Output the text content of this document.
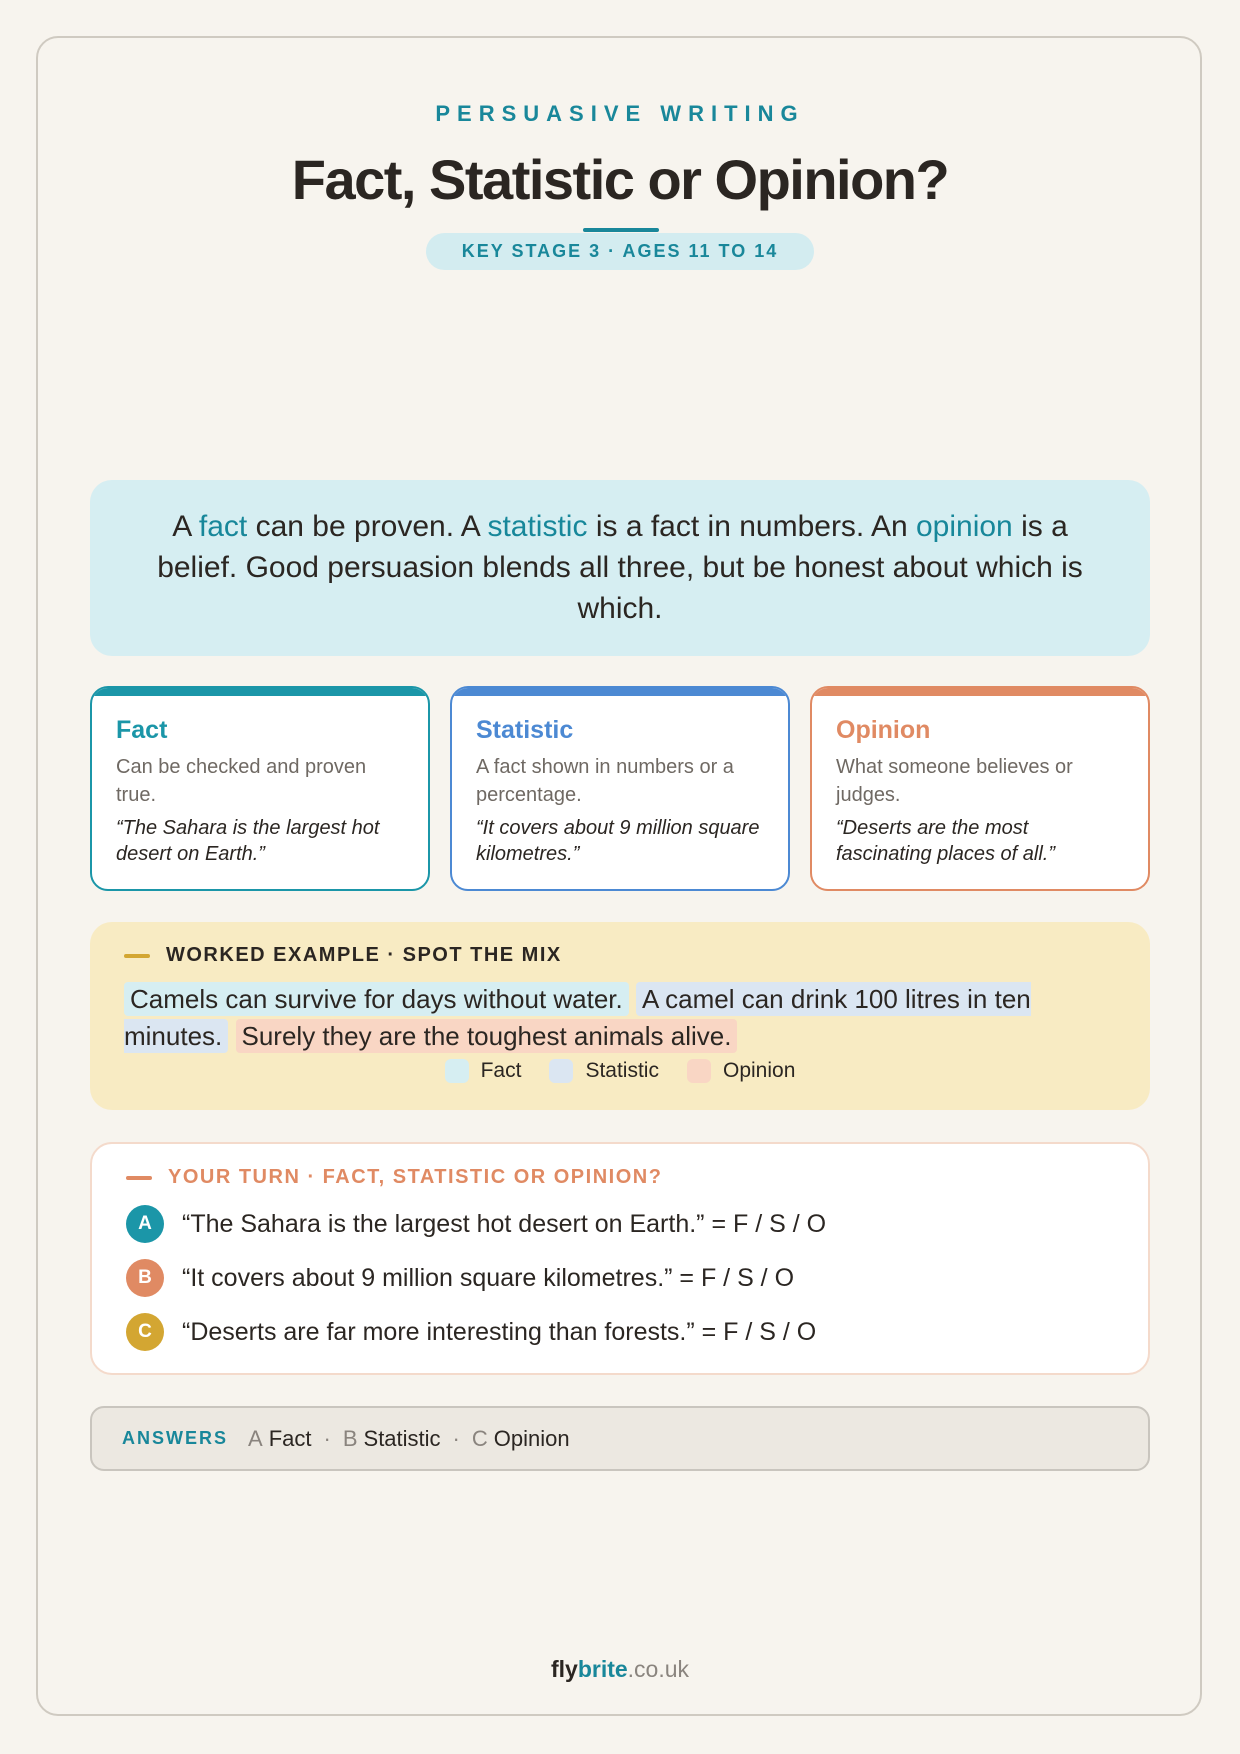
PERSUASIVE WRITING
Fact, Statistic or Opinion?
KEY STAGE 3 · AGES 11 TO 14
A fact can be proven. A statistic is a fact in numbers. An opinion is a belief. Good persuasion blends all three, but be honest about which is which.
Fact
Can be checked and proven true.
“The Sahara is the largest hot desert on Earth.”
Statistic
A fact shown in numbers or a percentage.
“It covers about 9 million square kilometres.”
Opinion
What someone believes or judges.
“Deserts are the most fascinating places of all.”
WORKED EXAMPLE · SPOT THE MIX
Camels can survive for days without water. A camel can drink 100 litres in ten minutes. Surely they are the toughest animals alive.
Fact	Statistic	Opinion
YOUR TURN · FACT, STATISTIC OR OPINION?
A	“The Sahara is the largest hot desert on Earth.” = F / S / O
B	“It covers about 9 million square kilometres.” = F / S / O
C	“Deserts are far more interesting than forests.” = F / S / O
ANSWERS A Fact · B Statistic · C Opinion
flybrite.co.uk
